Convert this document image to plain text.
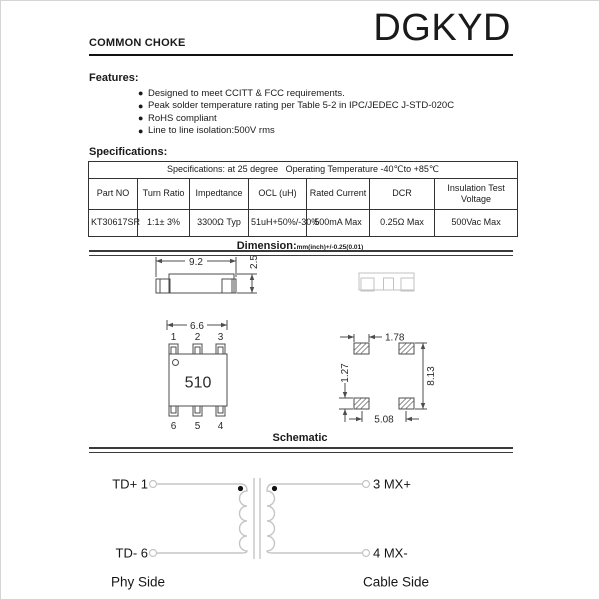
COMMON CHOKE	DGKYD
Features:
● Designed to meet CCITT & FCC requirements.
● Peak solder temperature rating per Table 5-2 in IPC/JEDEC J-STD-020C
● RoHS compliant
● Line to line isolation:500V rms
Specifications:
Specifications: at 25 degree   Operating Temperature -40℃to +85℃						
Part NO	Turn Ratio	Impedtance	OCL (uH)	Rated Current	DCR	Insulation Test Voltage
KT30617SR	1:1± 3%	3300Ω Typ	51uH+50%/-30%	500mA Max	0.25Ω Max	500Vac Max
Dimension:mm(inch)+/-0.25(0.01)
9.2	2.5
6.6
1 2 3
510
6 5 4
1.78
1.27	8.13
5.08
Schematic
TD+ 1
TD- 6
3 MX+
4 MX-
Phy Side	Cable Side
